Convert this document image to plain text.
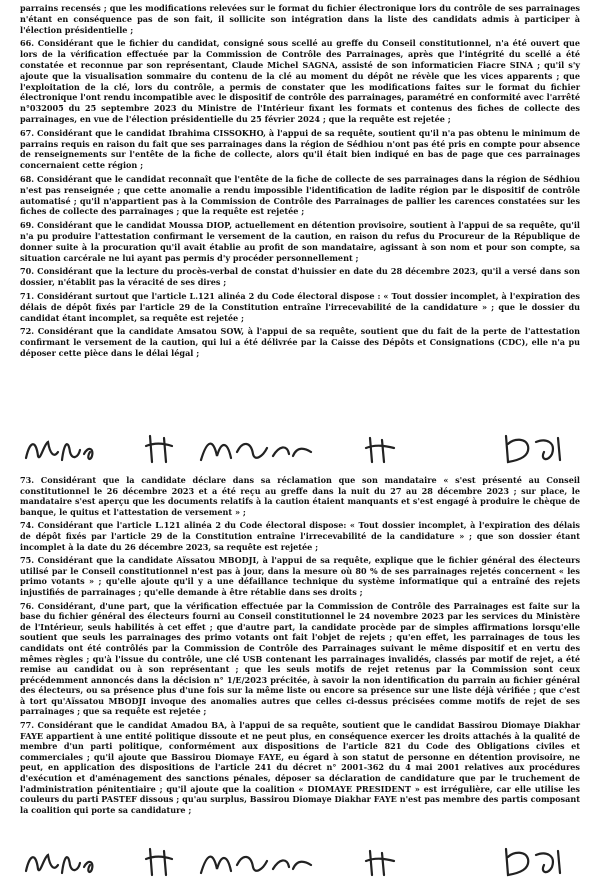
parrains recensés ; que les modifications relevées sur le format du fichier électronique lors du contrôle de ses parrainages n'étant en conséquence pas de son fait, il sollicite son intégration dans la liste des candidats admis à participer à l'élection présidentielle ;

66. Considérant que le fichier du candidat, consigné sous scellé au greffe du Conseil constitutionnel, n'a été ouvert que lors de la vérification effectuée par la Commission de Contrôle des Parrainages, après que l'intégrité du scellé a été constatée et reconnue par son représentant, Claude Michel SAGNA, assisté de son informaticien Fiacre SINA ; qu'il s'y ajoute que la visualisation sommaire du contenu de la clé au moment du dépôt ne révèle que les vices apparents ; que l'exploitation de la clé, lors du contrôle, a permis de constater que les modifications faites sur le format du fichier électronique l'ont rendu incompatible avec le dispositif de contrôle des parrainages, paramétré en conformité avec l'arrêté n°032005 du 25 septembre 2023 du Ministre de l'Intérieur fixant les formats et contenus des fiches de collecte des parrainages, en vue de l'élection présidentielle du 25 février 2024 ; que la requête est rejetée ;

67. Considérant que le candidat Ibrahima CISSOKHO, à l'appui de sa requête, soutient qu'il n'a pas obtenu le minimum de parrains requis en raison du fait que ses parrainages dans la région de Sédhiou n'ont pas été pris en compte pour absence de renseignements sur l'entête de la fiche de collecte, alors qu'il était bien indiqué en bas de page que ces parrainages concernaient cette région ;

68. Considérant que le candidat reconnaît que l'entête de la fiche de collecte de ses parrainages dans la région de Sédhiou n'est pas renseignée ; que cette anomalie a rendu impossible l'identification de ladite région par le dispositif de contrôle automatisé ; qu'il n'appartient pas à la Commission de Contrôle des Parrainages de pallier les carences constatées sur les fiches de collecte des parrainages ; que la requête est rejetée ;

69. Considérant que le candidat Moussa DIOP, actuellement en détention provisoire, soutient à l'appui de sa requête, qu'il n'a pu produire l'attestation confirmant le versement de la caution, en raison du refus du Procureur de la République de donner suite à la procuration qu'il avait établie au profit de son mandataire, agissant à son nom et pour son compte, sa situation carcérale ne lui ayant pas permis d'y procéder personnellement ;

70. Considérant que la lecture du procès-verbal de constat d'huissier en date du 28 décembre 2023, qu'il a versé dans son dossier, n'établit pas la véracité de ses dires ;

71. Considérant surtout que l'article L.121 alinéa 2 du Code électoral dispose : « Tout dossier incomplet, à l'expiration des délais de dépôt fixés par l'article 29 de la Constitution entraîne l'irrecevabilité de la candidature » ; que le dossier du candidat étant incomplet, sa requête est rejetée ;

72. Considérant que la candidate Amsatou SOW, à l'appui de sa requête, soutient que du fait de la perte de l'attestation confirmant le versement de la caution, qui lui a été délivrée par la Caisse des Dépôts et Consignations (CDC), elle n'a pu déposer cette pièce dans le délai légal ;

73. Considérant que la candidate déclare dans sa réclamation que son mandataire « s'est présenté au Conseil constitutionnel le 26 décembre 2023 et a été reçu au greffe dans la nuit du 27 au 28 décembre 2023 ; sur place, le mandataire s'est aperçu que les documents relatifs à la caution étaient manquants et s'est engagé à produire le chèque de banque, le quitus et l'attestation de versement » ;

74. Considérant que l'article L.121 alinéa 2 du Code électoral dispose: « Tout dossier incomplet, à l'expiration des délais de dépôt fixés par l'article 29 de la Constitution entraîne l'irrecevabilité de la candidature » ; que son dossier étant incomplet à la date du 26 décembre 2023, sa requête est rejetée ;

75. Considérant que la candidate Aïssatou MBODJI, à l'appui de sa requête, explique que le fichier général des électeurs utilisé par le Conseil constitutionnel n'est pas à jour, dans la mesure où 80 % de ses parrainages rejetés concernent « les primo votants » ; qu'elle ajoute qu'il y a une défaillance technique du système informatique qui a entraîné des rejets injustifiés de parrainages ; qu'elle demande à être rétablie dans ses droits ;

76. Considérant, d'une part, que la vérification effectuée par la Commission de Contrôle des Parrainages est faite sur la base du fichier général des électeurs fourni au Conseil constitutionnel le 24 novembre 2023 par les services du Ministère de l'Intérieur, seuls habilités à cet effet ; que d'autre part, la candidate procède par de simples affirmations lorsqu'elle soutient que seuls les parrainages des primo votants ont fait l'objet de rejets ; qu'en effet, les parrainages de tous les candidats ont été contrôlés par la Commission de Contrôle des Parrainages suivant le même dispositif et en vertu des mêmes règles ; qu'à l'issue du contrôle, une clé USB contenant les parrainages invalidés, classés par motif de rejet, a été remise au candidat ou à son représentant ; que les seuls motifs de rejet retenus par la Commission sont ceux précédemment annoncés dans la décision n° 1/E/2023 précitée, à savoir la non identification du parrain au fichier général des électeurs, ou sa présence plus d'une fois sur la même liste ou encore sa présence sur une liste déjà vérifiée ; que c'est à tort qu'Aïssatou MBODJI invoque des anomalies autres que celles ci-dessus précisées comme motifs de rejet de ses parrainages ; que sa requête est rejetée ;

77. Considérant que le candidat Amadou BA, à l'appui de sa requête, soutient que le candidat Bassirou Diomaye Diakhar FAYE appartient à une entité politique dissoute et ne peut plus, en conséquence exercer les droits attachés à la qualité de membre d'un parti politique, conformément aux dispositions de l'article 821 du Code des Obligations civiles et commerciales ; qu'il ajoute que Bassirou Diomaye FAYE, eu égard à son statut de personne en détention provisoire, ne peut, en application des dispositions de l'article 241 du décret n° 2001-362 du 4 mai 2001 relatives aux procédures d'exécution et d'aménagement des sanctions pénales, déposer sa déclaration de candidature que par le truchement de l'administration pénitentiaire ; qu'il ajoute que la coalition « DIOMAYE PRESIDENT » est irrégulière, car elle utilise les couleurs du parti PASTEF dissous ; qu'au surplus, Bassirou Diomaye Diakhar FAYE n'est pas membre des partis composant la coalition qui porte sa candidature ;
